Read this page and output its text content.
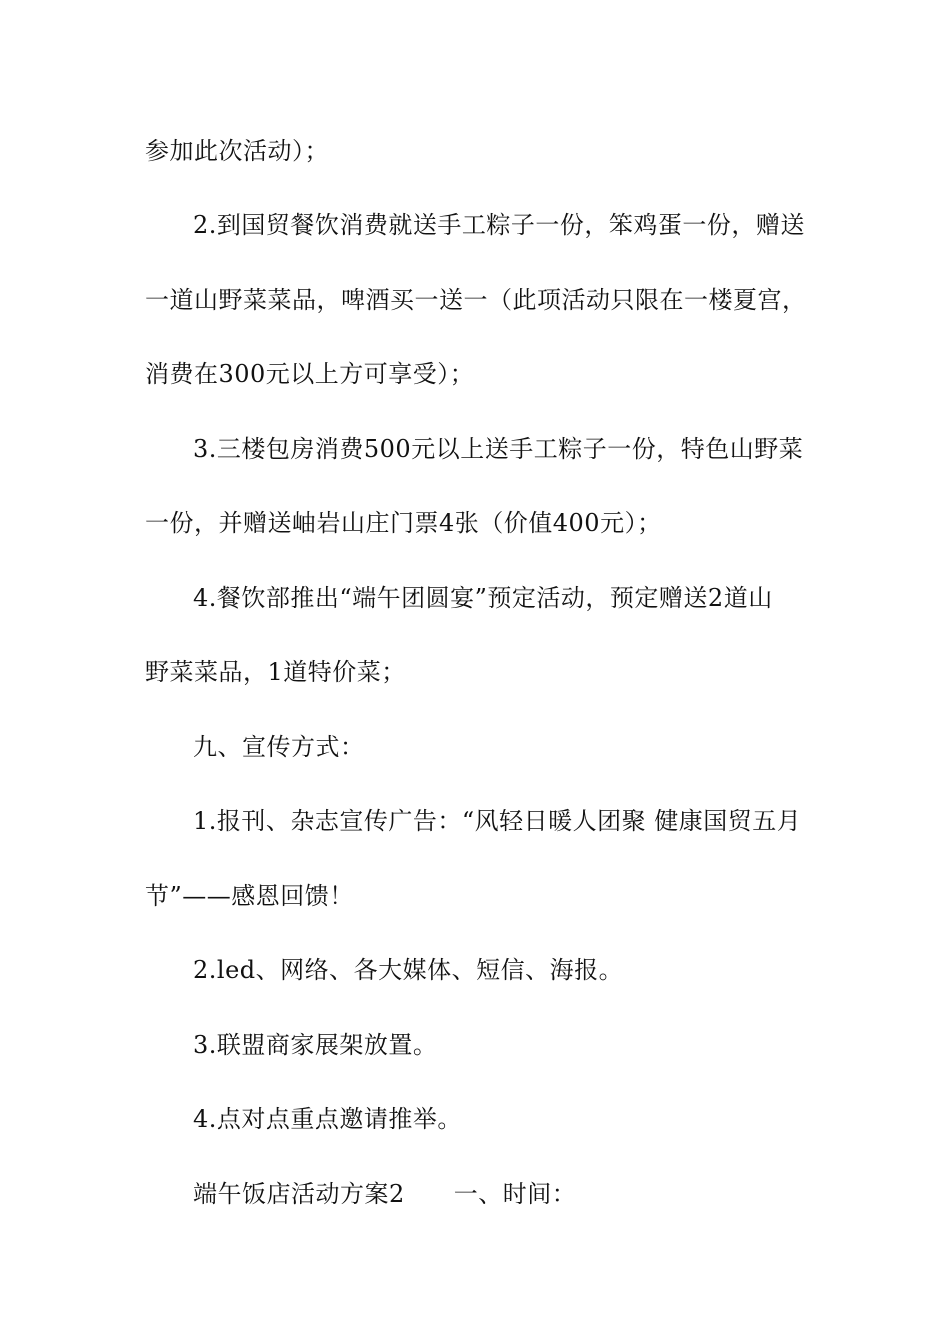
参加此次活动）；
2.到国贸餐饮消费就送手工粽子一份，笨鸡蛋一份，赠送
一道山野菜菜品，啤酒买一送一（此项活动只限在一楼夏宫，
消费在300元以上方可享受）；
3.三楼包房消费500元以上送手工粽子一份，特色山野菜
一份，并赠送岫岩山庄门票4张（价值400元）；
4.餐饮部推出“端午团圆宴”预定活动，预定赠送2道山
野菜菜品，1道特价菜；
九、宣传方式：
1.报刊、杂志宣传广告：“风轻日暖人团聚 健康国贸五月
节”——感恩回馈！
2.led、网络、各大媒体、短信、海报。
3.联盟商家展架放置。
4.点对点重点邀请推举。
端午饭店活动方案2　　一、时间：
